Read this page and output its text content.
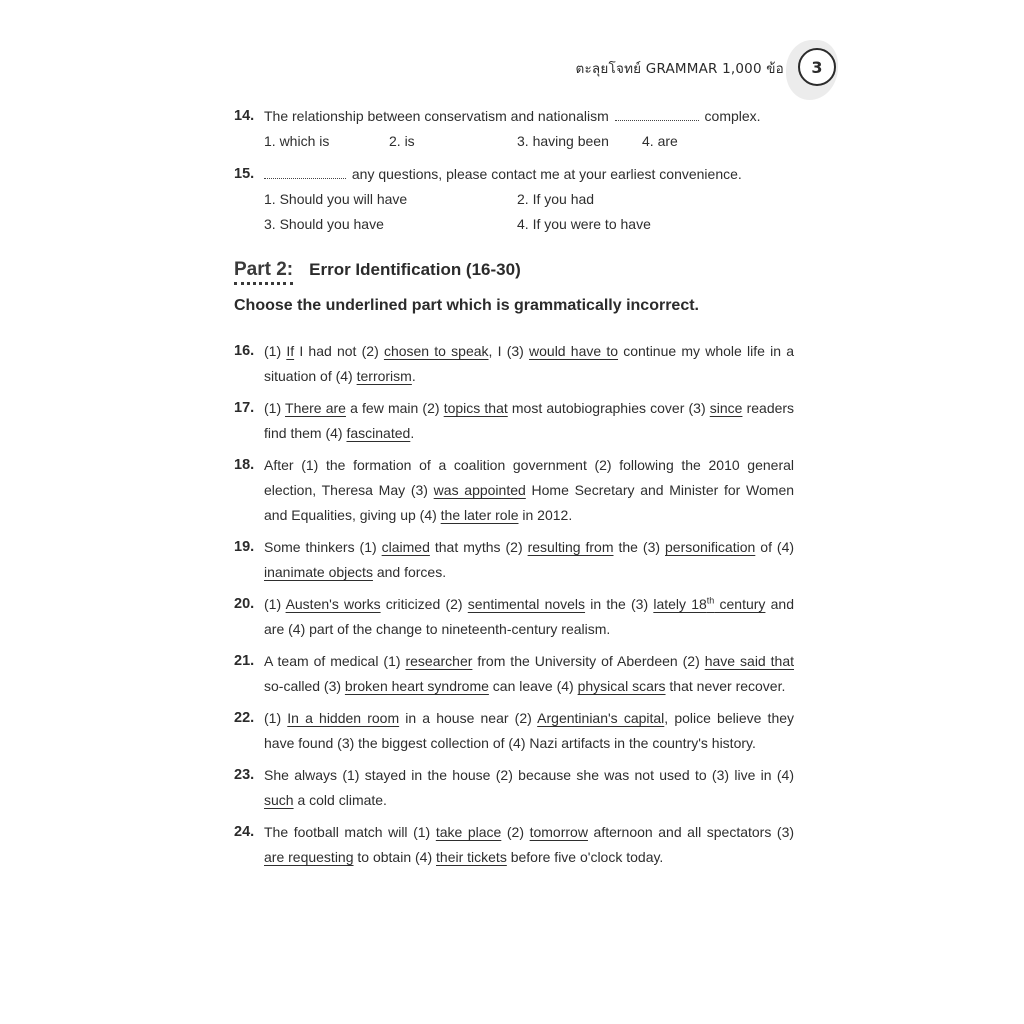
ตะลุยโจทย์ GRAMMAR 1,000 ข้อ	3
14. The relationship between conservatism and nationalism	complex.
1. which is	2. is	3. having been	4. are
15.	any questions, please contact me at your earliest convenience.
1. Should you will have	2. If you had
3. Should you have	4. If you were to have
Part 2: Error Identification (16-30)
Choose the underlined part which is grammatically incorrect.
16. (1) If I had not (2) chosen to speak, I (3) would have to continue my whole life in a situation of (4) terrorism.
17. (1) There are a few main (2) topics that most autobiographies cover (3) since readers find them (4) fascinated.
18. After (1) the formation of a coalition government (2) following the 2010 general election, Theresa May (3) was appointed Home Secretary and Minister for Women and Equalities, giving up (4) the later role in 2012.
19. Some thinkers (1) claimed that myths (2) resulting from the (3) personification of (4) inanimate objects and forces.
20. (1) Austen's works criticized (2) sentimental novels in the (3) lately 18th century and are (4) part of the change to nineteenth-century realism.
21. A team of medical (1) researcher from the University of Aberdeen (2) have said that so-called (3) broken heart syndrome can leave (4) physical scars that never recover.
22. (1) In a hidden room in a house near (2) Argentinian's capital, police believe they have found (3) the biggest collection of (4) Nazi artifacts in the country's history.
23. She always (1) stayed in the house (2) because she was not used to (3) live in (4) such a cold climate.
24. The football match will (1) take place (2) tomorrow afternoon and all spectators (3) are requesting to obtain (4) their tickets before five o'clock today.
